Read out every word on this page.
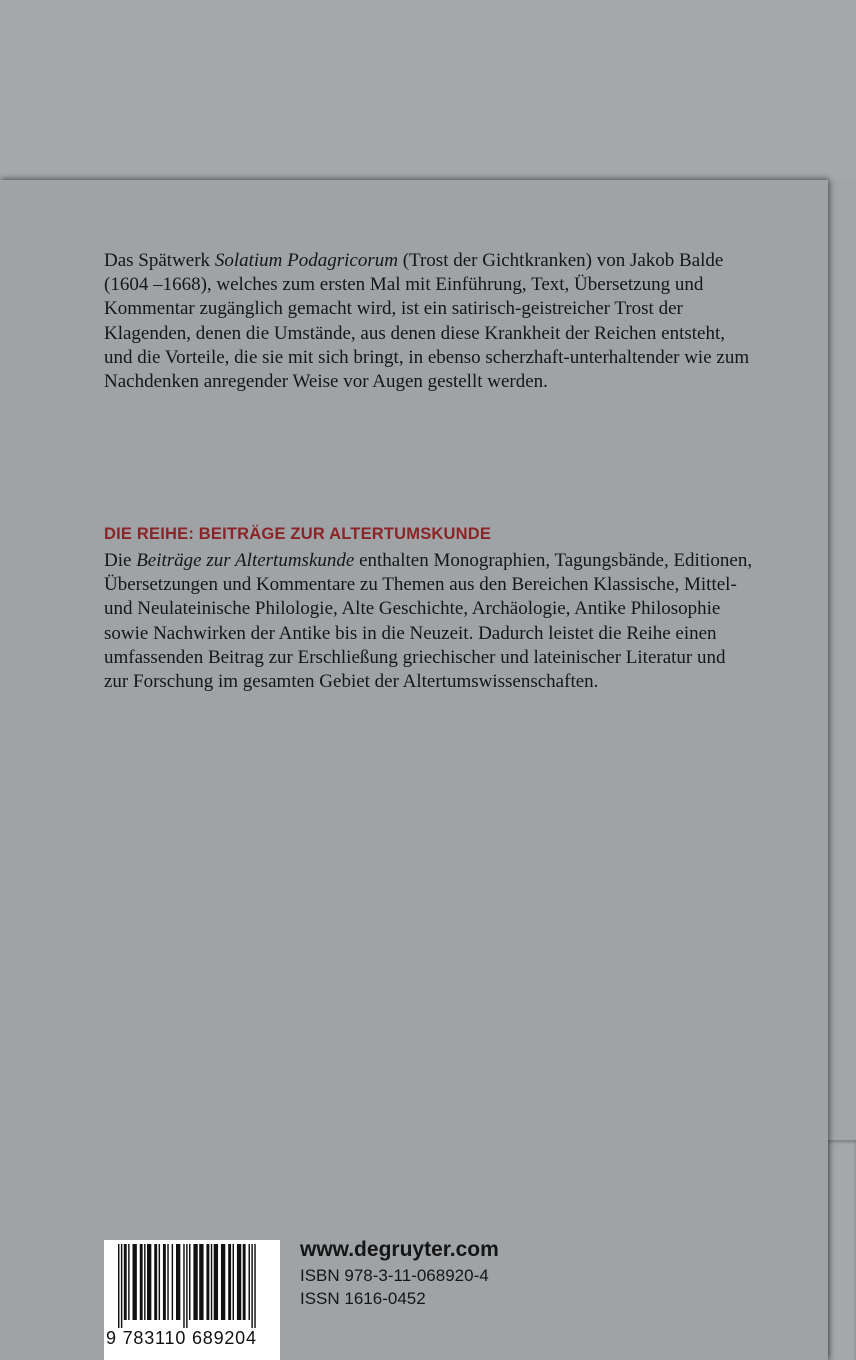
Das Spätwerk Solatium Podagricorum (Trost der Gichtkranken) von Jakob Balde (1604 –1668), welches zum ersten Mal mit Einführung, Text, Übersetzung und Kommentar zugänglich gemacht wird, ist ein satirisch-geistreicher Trost der Klagenden, denen die Umstände, aus denen diese Krankheit der Reichen entsteht, und die Vorteile, die sie mit sich bringt, in ebenso scherzhaft-unterhaltender wie zum Nachdenken anregender Weise vor Augen gestellt werden.

DIE REIHE: BEITRÄGE ZUR ALTERTUMSKUNDE

Die Beiträge zur Altertumskunde enthalten Monographien, Tagungsbände, Editionen, Übersetzungen und Kommentare zu Themen aus den Bereichen Klassische, Mittel- und Neulateinische Philologie, Alte Geschichte, Archäologie, Antike Philosophie sowie Nachwirken der Antike bis in die Neuzeit. Dadurch leistet die Reihe einen umfassenden Beitrag zur Erschließung griechischer und lateinischer Literatur und zur Forschung im gesamten Gebiet der Altertumswissenschaften.

9 783110 689204
www.degruyter.com
ISBN 978-3-11-068920-4
ISSN 1616-0452
